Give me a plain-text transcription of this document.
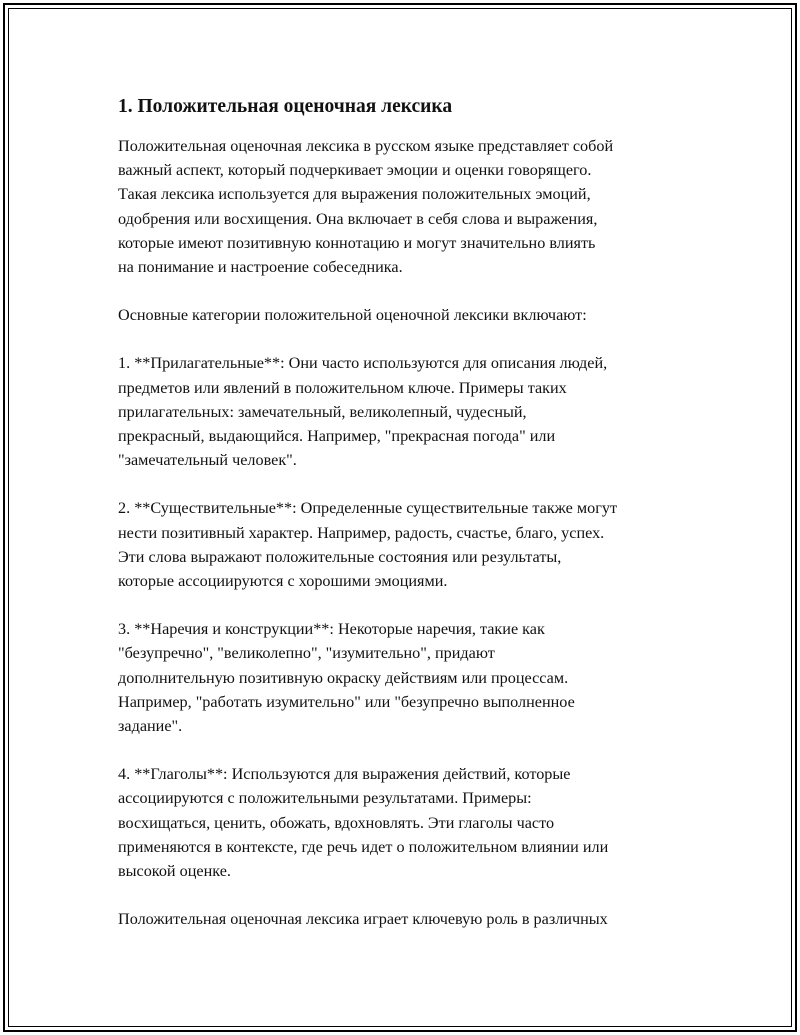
1. Положительная оценочная лексика

Положительная оценочная лексика в русском языке представляет собой
важный аспект, который подчеркивает эмоции и оценки говорящего.
Такая лексика используется для выражения положительных эмоций,
одобрения или восхищения. Она включает в себя слова и выражения,
которые имеют позитивную коннотацию и могут значительно влиять
на понимание и настроение собеседника.

Основные категории положительной оценочной лексики включают:

1. **Прилагательные**: Они часто используются для описания людей,
предметов или явлений в положительном ключе. Примеры таких
прилагательных: замечательный, великолепный, чудесный,
прекрасный, выдающийся. Например, "прекрасная погода" или
"замечательный человек".

2. **Существительные**: Определенные существительные также могут
нести позитивный характер. Например, радость, счастье, благо, успех.
Эти слова выражают положительные состояния или результаты,
которые ассоциируются с хорошими эмоциями.

3. **Наречия и конструкции**: Некоторые наречия, такие как
"безупречно", "великолепно", "изумительно", придают
дополнительную позитивную окраску действиям или процессам.
Например, "работать изумительно" или "безупречно выполненное
задание".

4. **Глаголы**: Используются для выражения действий, которые
ассоциируются с положительными результатами. Примеры:
восхищаться, ценить, обожать, вдохновлять. Эти глаголы часто
применяются в контексте, где речь идет о положительном влиянии или
высокой оценке.

Положительная оценочная лексика играет ключевую роль в различных
